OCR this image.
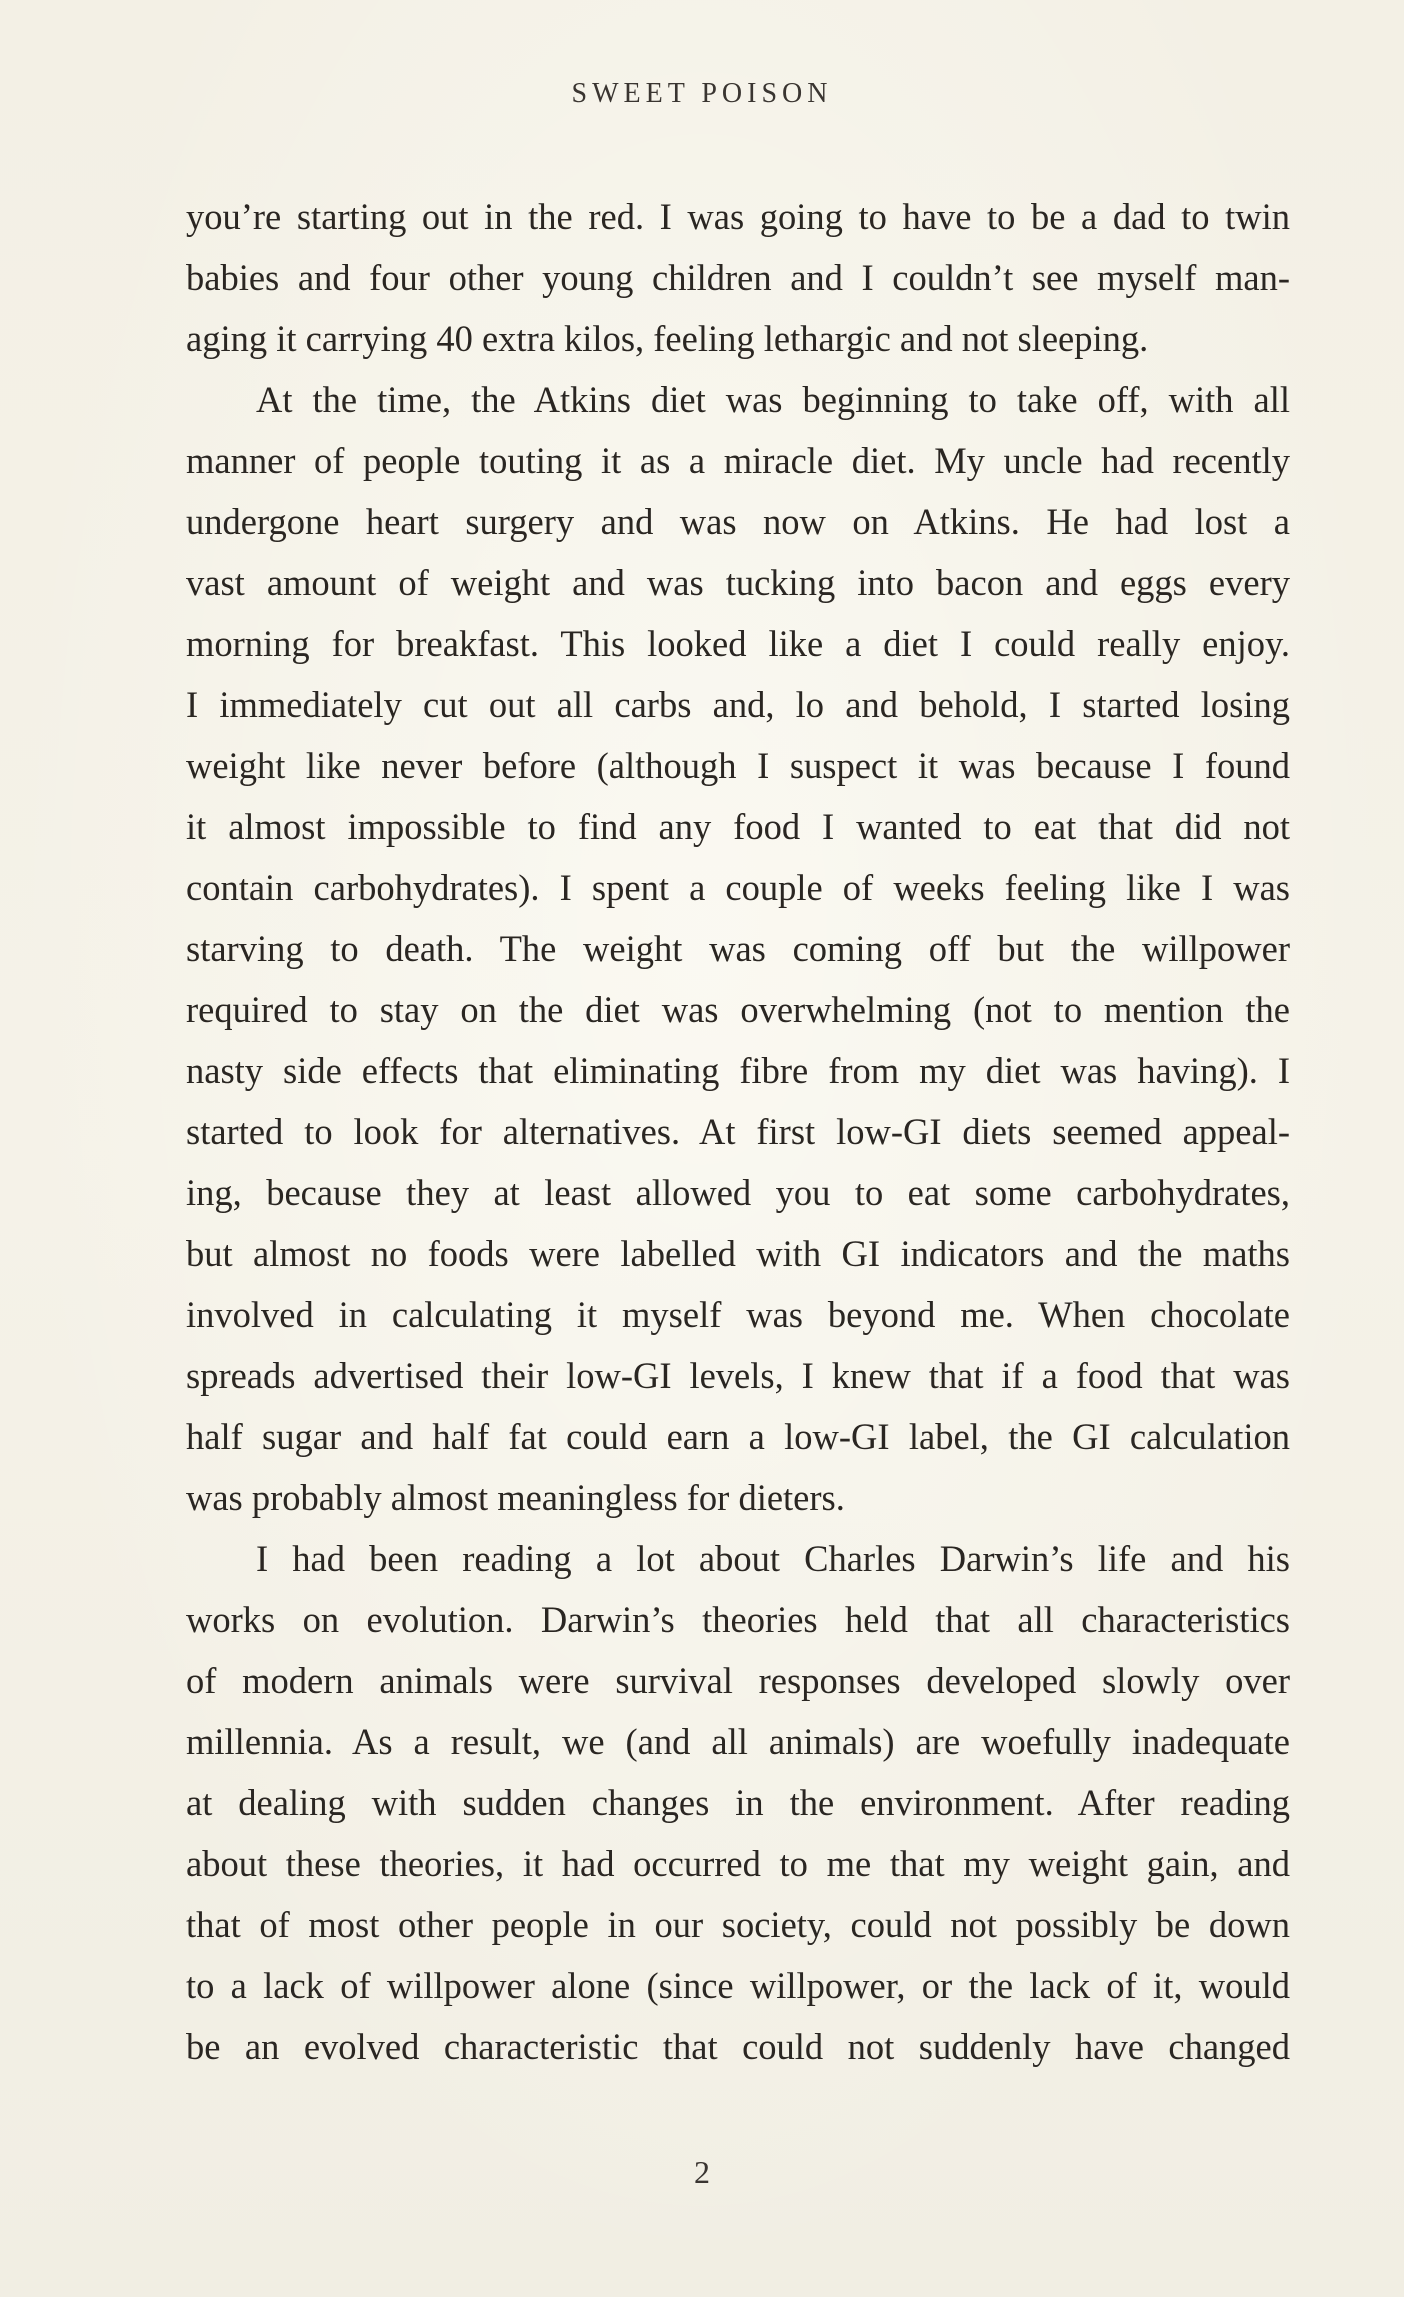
SWEET POISON

you’re starting out in the red. I was going to have to be a dad to twin
babies and four other young children and I couldn’t see myself man-
aging it carrying 40 extra kilos, feeling lethargic and not sleeping.

At the time, the Atkins diet was beginning to take off, with all
manner of people touting it as a miracle diet. My uncle had recently
undergone heart surgery and was now on Atkins. He had lost a
vast amount of weight and was tucking into bacon and eggs every
morning for breakfast. This looked like a diet I could really enjoy.
I immediately cut out all carbs and, lo and behold, I started losing
weight like never before (although I suspect it was because I found
it almost impossible to find any food I wanted to eat that did not
contain carbohydrates). I spent a couple of weeks feeling like I was
starving to death. The weight was coming off but the willpower
required to stay on the diet was overwhelming (not to mention the
nasty side effects that eliminating fibre from my diet was having). I
started to look for alternatives. At first low-GI diets seemed appeal-
ing, because they at least allowed you to eat some carbohydrates,
but almost no foods were labelled with GI indicators and the maths
involved in calculating it myself was beyond me. When chocolate
spreads advertised their low-GI levels, I knew that if a food that was
half sugar and half fat could earn a low-GI label, the GI calculation
was probably almost meaningless for dieters.

I had been reading a lot about Charles Darwin’s life and his
works on evolution. Darwin’s theories held that all characteristics
of modern animals were survival responses developed slowly over
millennia. As a result, we (and all animals) are woefully inadequate
at dealing with sudden changes in the environment. After reading
about these theories, it had occurred to me that my weight gain, and
that of most other people in our society, could not possibly be down
to a lack of willpower alone (since willpower, or the lack of it, would
be an evolved characteristic that could not suddenly have changed

2
